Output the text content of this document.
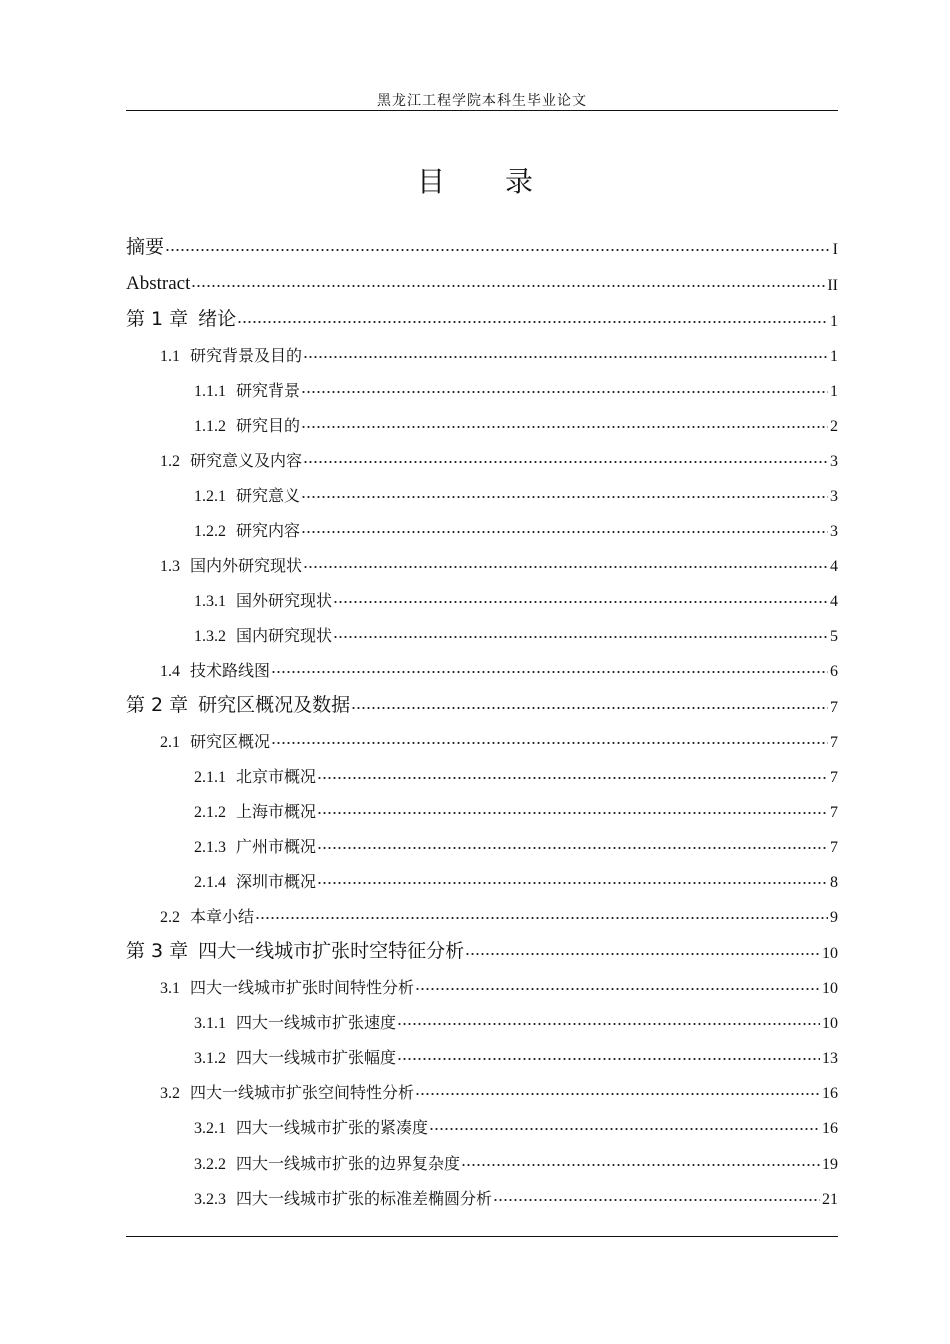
黑龙江工程学院本科生毕业论文
目录
摘要	I
Abstract	II
第 1 章 绪论	1
1.1 研究背景及目的	1
1.1.1 研究背景	1
1.1.2 研究目的	2
1.2 研究意义及内容	3
1.2.1 研究意义	3
1.2.2 研究内容	3
1.3 国内外研究现状	4
1.3.1 国外研究现状	4
1.3.2 国内研究现状	5
1.4 技术路线图	6
第 2 章 研究区概况及数据	7
2.1 研究区概况	7
2.1.1 北京市概况	7
2.1.2 上海市概况	7
2.1.3 广州市概况	7
2.1.4 深圳市概况	8
2.2 本章小结	9
第 3 章 四大一线城市扩张时空特征分析	10
3.1 四大一线城市扩张时间特性分析	10
3.1.1 四大一线城市扩张速度	10
3.1.2 四大一线城市扩张幅度	13
3.2 四大一线城市扩张空间特性分析	16
3.2.1 四大一线城市扩张的紧凑度	16
3.2.2 四大一线城市扩张的边界复杂度	19
3.2.3 四大一线城市扩张的标准差椭圆分析	21
